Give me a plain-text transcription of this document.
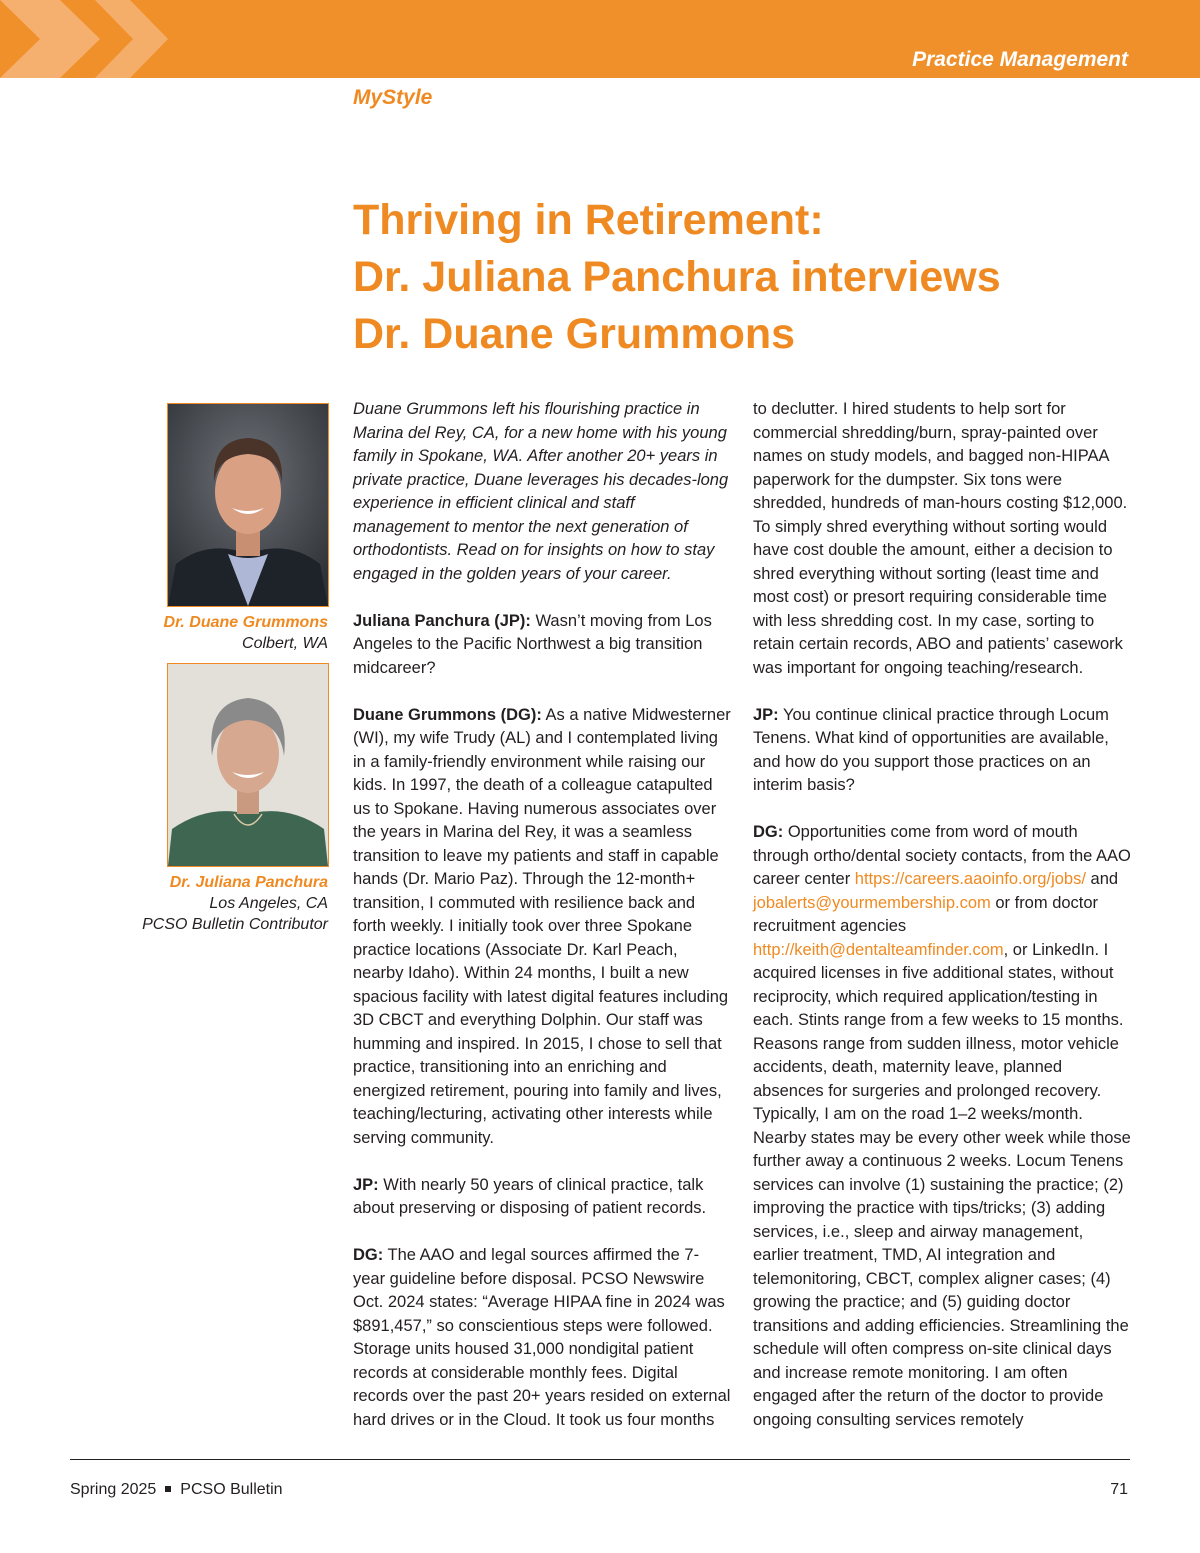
Practice Management
MyStyle
Thriving in Retirement:
Dr. Juliana Panchura interviews
Dr. Duane Grummons
Dr. Duane Grummons
Colbert, WA
Dr. Juliana Panchura
Los Angeles, CA
PCSO Bulletin Contributor

Duane Grummons left his flourishing practice in Marina del Rey, CA, for a new home with his young family in Spokane, WA. After another 20+ years in private practice, Duane leverages his decades-long experience in efficient clinical and staff management to mentor the next generation of orthodontists. Read on for insights on how to stay engaged in the golden years of your career.

Juliana Panchura (JP): Wasn’t moving from Los Angeles to the Pacific Northwest a big transition midcareer?

Duane Grummons (DG): As a native Midwesterner (WI), my wife Trudy (AL) and I contemplated living in a family-friendly environment while raising our kids. In 1997, the death of a colleague catapulted us to Spokane. Having numerous associates over the years in Marina del Rey, it was a seamless transition to leave my patients and staff in capable hands (Dr. Mario Paz). Through the 12-month+ transition, I commuted with resilience back and forth weekly. I initially took over three Spokane practice locations (Associate Dr. Karl Peach, nearby Idaho). Within 24 months, I built a new spacious facility with latest digital features including 3D CBCT and everything Dolphin. Our staff was humming and inspired. In 2015, I chose to sell that practice, transitioning into an enriching and energized retirement, pouring into family and lives, teaching/lecturing, activating other interests while serving community.

JP: With nearly 50 years of clinical practice, talk about preserving or disposing of patient records.

DG: The AAO and legal sources affirmed the 7-year guideline before disposal. PCSO Newswire Oct. 2024 states: “Average HIPAA fine in 2024 was $891,457,” so conscientious steps were followed. Storage units housed 31,000 nondigital patient records at considerable monthly fees. Digital records over the past 20+ years resided on external hard drives or in the Cloud. It took us four months

to declutter. I hired students to help sort for commercial shredding/burn, spray-painted over names on study models, and bagged non-HIPAA paperwork for the dumpster. Six tons were shredded, hundreds of man-hours costing $12,000. To simply shred everything without sorting would have cost double the amount, either a decision to shred everything without sorting (least time and most cost) or presort requiring considerable time with less shredding cost. In my case, sorting to retain certain records, ABO and patients’ casework was important for ongoing teaching/research.

JP: You continue clinical practice through Locum Tenens. What kind of opportunities are available, and how do you support those practices on an interim basis?

DG: Opportunities come from word of mouth through ortho/dental society contacts, from the AAO career center https://careers.aaoinfo.org/jobs/ and jobalerts@yourmembership.com or from doctor recruitment agencies http://keith@dentalteamfinder.com, or LinkedIn. I acquired licenses in five additional states, without reciprocity, which required application/testing in each. Stints range from a few weeks to 15 months. Reasons range from sudden illness, motor vehicle accidents, death, maternity leave, planned absences for surgeries and prolonged recovery. Typically, I am on the road 1–2 weeks/month. Nearby states may be every other week while those further away a continuous 2 weeks. Locum Tenens services can involve (1) sustaining the practice; (2) improving the practice with tips/tricks; (3) adding services, i.e., sleep and airway management, earlier treatment, TMD, AI integration and telemonitoring, CBCT, complex aligner cases; (4) growing the practice; and (5) guiding doctor transitions and adding efficiencies. Streamlining the schedule will often compress on-site clinical days and increase remote monitoring. I am often engaged after the return of the doctor to provide ongoing consulting services remotely

Spring 2025 PCSO Bulletin	71
